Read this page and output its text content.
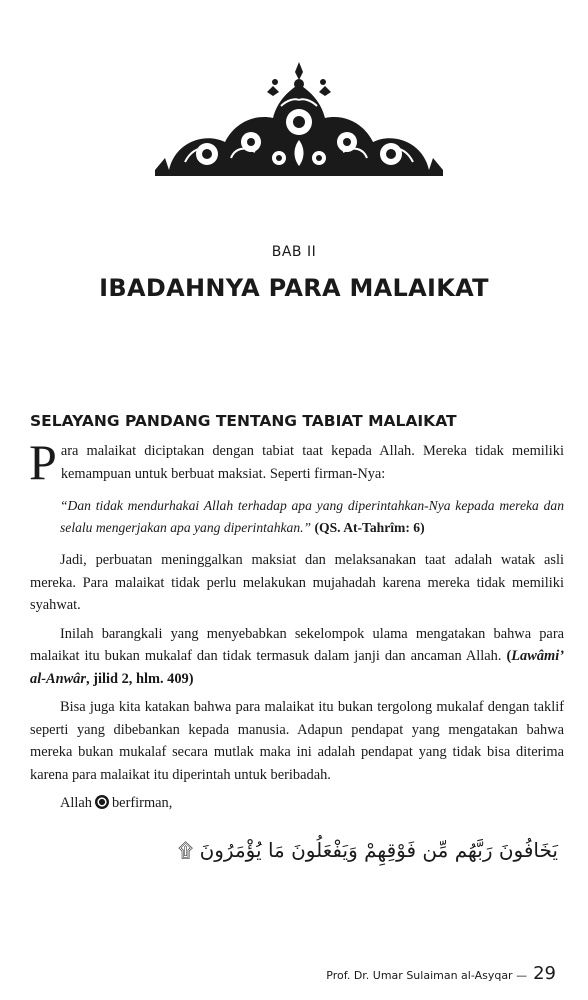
BAB II
IBADAHNYA PARA MALAIKAT
SELAYANG PANDANG TENTANG TABIAT MALAIKAT

Para malaikat diciptakan dengan tabiat taat kepada Allah. Mereka tidak memiliki kemampuan untuk berbuat maksiat. Seperti firman-Nya:

“Dan tidak mendurhakai Allah terhadap apa yang diperintahkan-Nya kepada mereka dan selalu mengerjakan apa yang diperintahkan.” (QS. At-Tahrîm: 6)

Jadi, perbuatan meninggalkan maksiat dan melaksanakan taat adalah watak asli mereka. Para malaikat tidak perlu melakukan mujahadah karena mereka tidak memiliki syahwat.

Inilah barangkali yang menyebabkan sekelompok ulama mengatakan bahwa para malaikat itu bukan mukalaf dan tidak termasuk dalam janji dan ancaman Allah. (Lawâmi’ al-Anwâr, jilid 2, hlm. 409)

Bisa juga kita katakan bahwa para malaikat itu bukan tergolong mukalaf dengan taklif seperti yang dibebankan kepada manusia. Adapun pendapat yang mengatakan bahwa mereka bukan mukalaf secara mutlak maka ini adalah pendapat yang tidak bisa diterima karena para malaikat itu diperintah untuk beribadah.

Allah berfirman,

يَخَافُونَ رَبَّهُم مِّن فَوْقِهِمْ وَيَفْعَلُونَ مَا يُؤْمَرُونَ ۩
Prof. Dr. Umar Sulaiman al-Asyqar — 29
